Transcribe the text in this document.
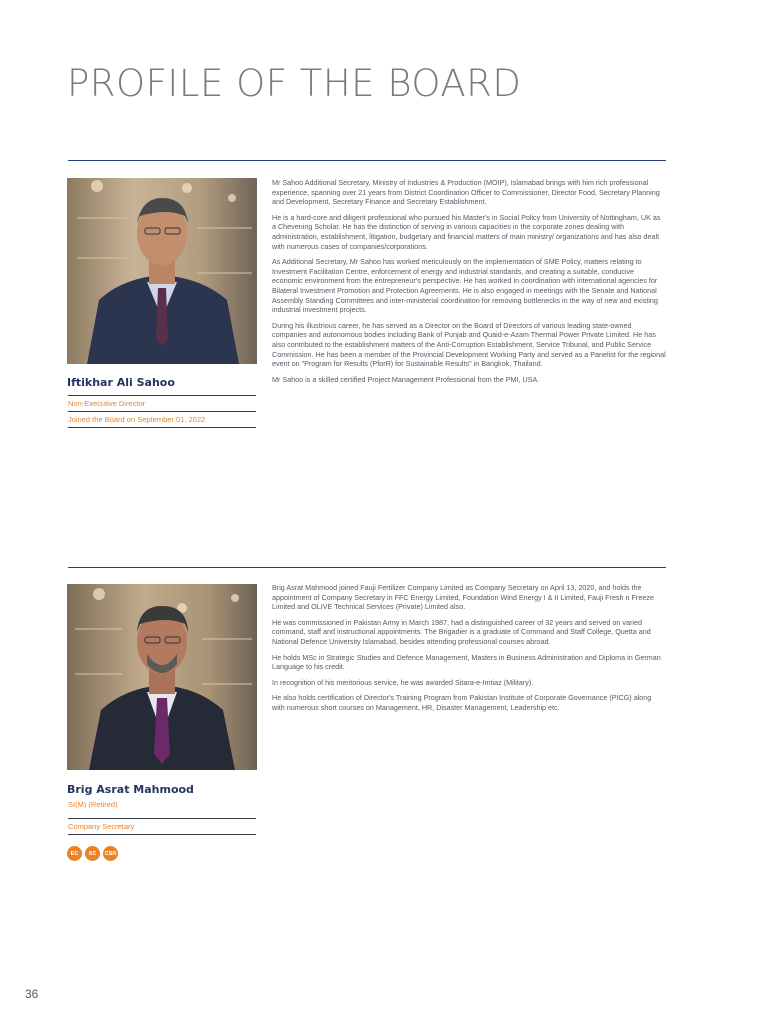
PROFILE OF THE BOARD
Iftikhar Ali Sahoo
Non-Executive Director
Joined the Board on September 01, 2022

Mr Sahoo Additional Secretary, Ministry of Industries & Production (MOIP), Islamabad brings with him rich professional experience, spanning over 21 years from District Coordination Officer to Commissioner, Director Food, Secretary Planning and Development, Secretary Finance and Secretary Establishment.

He is a hard-core and diligent professional who pursued his Master's in Social Policy from University of Nottingham, UK as a Chevening Scholar. He has the distinction of serving in various capacities in the corporate zones dealing with administration, establishment, litigation, budgetary and financial matters of main ministry/ organizations and has also dealt with numerous cases of companies/corporations.

As Additional Secretary, Mr Sahoo has worked meticulously on the implementation of SME Policy, matters relating to Investment Facilitation Centre, enforcement of energy and industrial standards, and creating a suitable, conducive economic environment from the entrepreneur's perspective. He has worked in coordination with international agencies for Bilateral Investment Promotion and Protection Agreements. He is also engaged in meetings with the Senate and National Assembly Standing Committees and inter-ministerial coordination for removing bottlenecks in the way of new and existing industrial investment projects.

During his illustrious career, he has served as a Director on the Board of Directors of various leading state-owned companies and autonomous bodies including Bank of Punjab and Quaid-e-Azam Thermal Power Private Limited. He has also contributed to the establishment matters of the Anti-Corruption Establishment, Service Tribunal, and Public Service Commission. He has been a member of the Provincial Development Working Party and served as a Panelist for the regional event on "Program for Results (PforR) for Sustainable Results" in Bangkok, Thailand.

Mr Sahoo is a skilled certified Project Management Professional from the PMI, USA.

Brig Asrat Mahmood
SI(M) (Retired)
Company Secretary
EC	SC	CSR

Brig Asrat Mahmood joined Fauji Fertilizer Company Limited as Company Secretary on April 13, 2020, and holds the appointment of Company Secretary in FFC Energy Limited, Foundation Wind Energy I & II Limited, Fauji Fresh n Freeze Limited and OLIVE Technical Services (Private) Limited also.

He was commissioned in Pakistan Army in March 1987, had a distinguished career of 32 years and served on varied command, staff and instructional appointments. The Brigadier is a graduate of Command and Staff College, Quetta and National Defence University Islamabad, besides attending professional courses abroad.

He holds MSc in Strategic Studies and Defence Management, Masters in Business Administration and Diploma in German Language to his credit.

In recognition of his meritorious service, he was awarded Sitara-e-Imtiaz (Military).

He also holds certification of Director's Training Program from Pakistan Institute of Corporate Governance (PICG) along with numerous short courses on Management, HR, Disaster Management, Leadership etc.

36
